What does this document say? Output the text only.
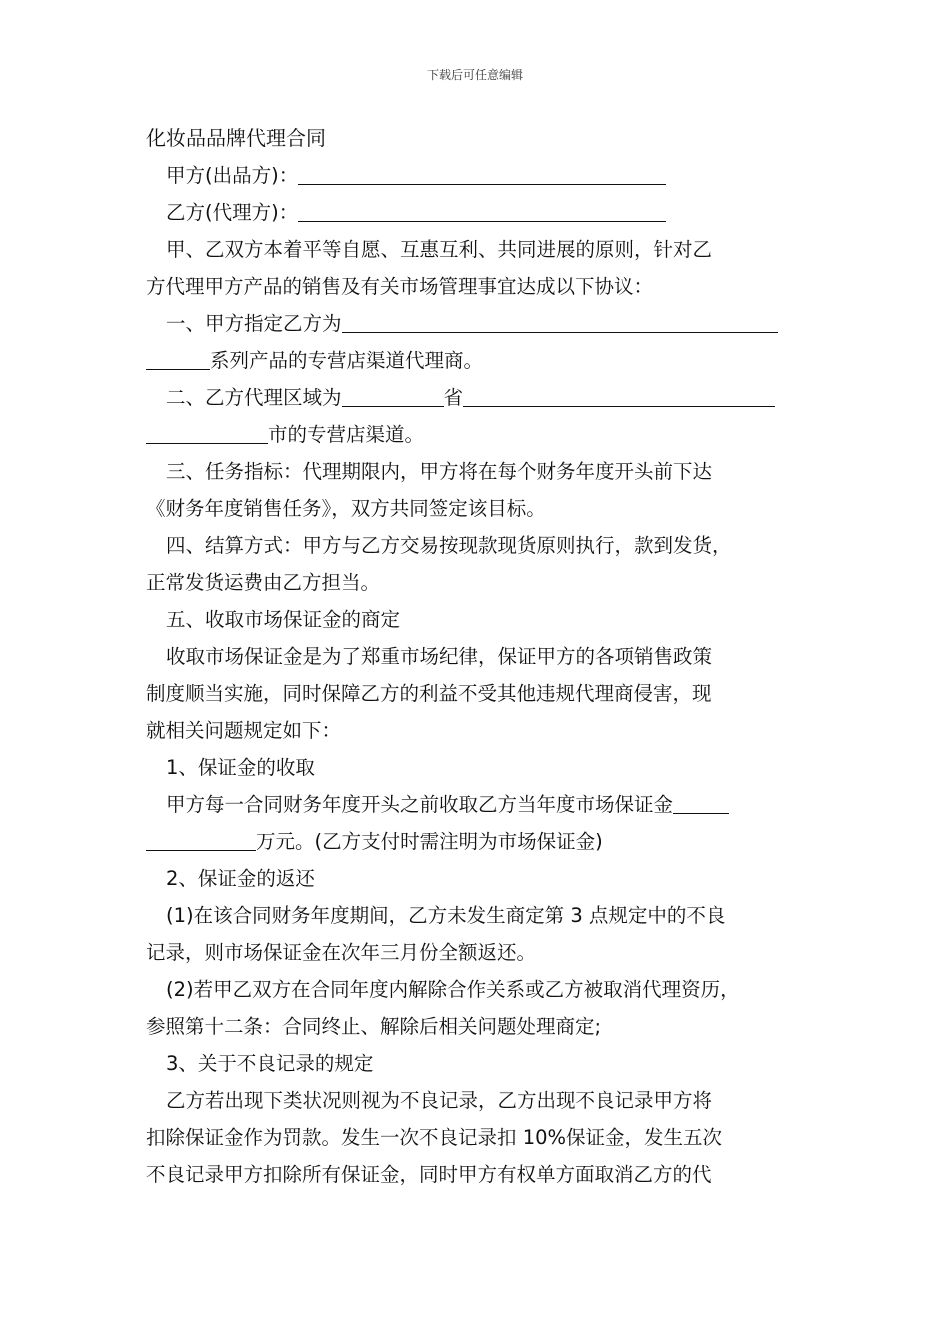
下载后可任意编辑
化妆品品牌代理合同
甲方(出品方)：
乙方(代理方)：
甲、乙双方本着平等自愿、互惠互利、共同进展的原则，针对乙
方代理甲方产品的销售及有关市场管理事宜达成以下协议：
一、甲方指定乙方为
系列产品的专营店渠道代理商。
二、乙方代理区域为	省
市的专营店渠道。
三、任务指标：代理期限内，甲方将在每个财务年度开头前下达
《财务年度销售任务》，双方共同签定该目标。
四、结算方式：甲方与乙方交易按现款现货原则执行，款到发货，
正常发货运费由乙方担当。
五、收取市场保证金的商定
收取市场保证金是为了郑重市场纪律，保证甲方的各项销售政策
制度顺当实施，同时保障乙方的利益不受其他违规代理商侵害，现
就相关问题规定如下：
1、保证金的收取
甲方每一合同财务年度开头之前收取乙方当年度市场保证金
万元。(乙方支付时需注明为市场保证金)
2、保证金的返还
(1)在该合同财务年度期间，乙方未发生商定第 3 点规定中的不良
记录，则市场保证金在次年三月份全额返还。
(2)若甲乙双方在合同年度内解除合作关系或乙方被取消代理资历，
参照第十二条：合同终止、解除后相关问题处理商定;
3、关于不良记录的规定
乙方若出现下类状况则视为不良记录，乙方出现不良记录甲方将
扣除保证金作为罚款。发生一次不良记录扣 10%保证金，发生五次
不良记录甲方扣除所有保证金，同时甲方有权单方面取消乙方的代
